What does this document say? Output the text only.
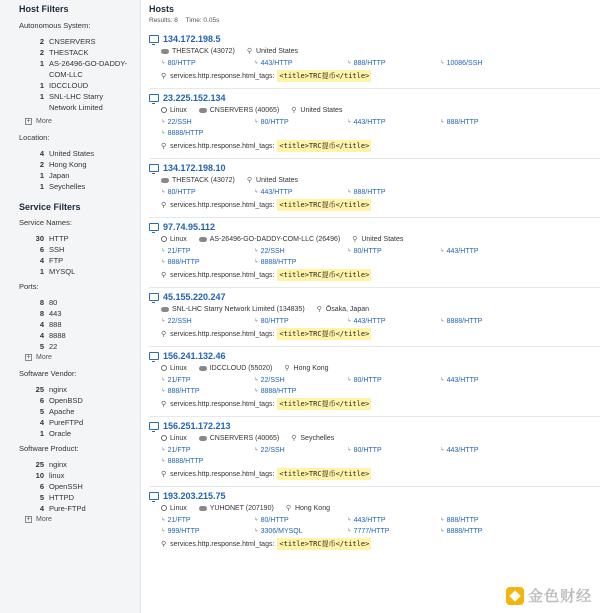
Host Filters
Autonomous System:
2 CNSERVERS
2 THESTACK
1 AS-26496-GO-DADDY-COM-LLC
1 IDCCLOUD
1 SNL-LHC Starry Network Limited
+ More
Location:
4 United States
2 Hong Kong
1 Japan
1 Seychelles
Service Filters
Service Names:
30 HTTP
6 SSH
4 FTP
1 MYSQL
Ports:
8 80
8 443
4 888
4 8888
5 22
+ More
Software Vendor:
25 nginx
6 OpenBSD
5 Apache
4 PureFTPd
1 Oracle
Software Product:
25 nginx
10 linux
6 OpenSSH
5 HTTPD
4 Pure-FTPd
+ More
Hosts
Results: 8 Time: 0.05s
134.172.198.5
THESTACK (43072) ⚲ United States
↳ 80/HTTP	↳ 443/HTTP	↳ 888/HTTP	↳ 10086/SSH
⚲ services.http.response.html_tags: <title>TRC提币</title>
23.225.152.134
Linux	CNSERVERS (40065) ⚲ United States
↳ 22/SSH	↳ 80/HTTP	↳ 443/HTTP	↳ 888/HTTP
↳ 8888/HTTP
⚲ services.http.response.html_tags: <title>TRC提币</title>
134.172.198.10
THESTACK (43072) ⚲ United States
↳ 80/HTTP	↳ 443/HTTP	↳ 888/HTTP
⚲ services.http.response.html_tags: <title>TRC提币</title>
97.74.95.112
Linux	AS-26496-GO-DADDY-COM-LLC (26496) ⚲ United States
↳ 21/FTP	↳ 22/SSH	↳ 80/HTTP	↳ 443/HTTP
↳ 888/HTTP	↳ 8888/HTTP
⚲ services.http.response.html_tags: <title>TRC提币</title>
45.155.220.247
SNL-LHC Starry Network Limited (134835) ⚲ Ōsaka, Japan
↳ 22/SSH	↳ 80/HTTP	↳ 443/HTTP	↳ 8888/HTTP
⚲ services.http.response.html_tags: <title>TRC提币</title>
156.241.132.46
Linux	IDCCLOUD (55020) ⚲ Hong Kong
↳ 21/FTP	↳ 22/SSH	↳ 80/HTTP	↳ 443/HTTP
↳ 888/HTTP	↳ 8888/HTTP
⚲ services.http.response.html_tags: <title>TRC提币</title>
156.251.172.213
Linux	CNSERVERS (40065) ⚲ Seychelles
↳ 21/FTP	↳ 22/SSH	↳ 80/HTTP	↳ 443/HTTP
↳ 8888/HTTP
⚲ services.http.response.html_tags: <title>TRC提币</title>
193.203.215.75
Linux	YUHONET (207190) ⚲ Hong Kong
↳ 21/FTP	↳ 80/HTTP	↳ 443/HTTP	↳ 888/HTTP
↳ 999/HTTP	↳ 3306/MYSQL	↳ 7777/HTTP	↳ 8888/HTTP
⚲ services.http.response.html_tags: <title>TRC提币</title>
金色财经
